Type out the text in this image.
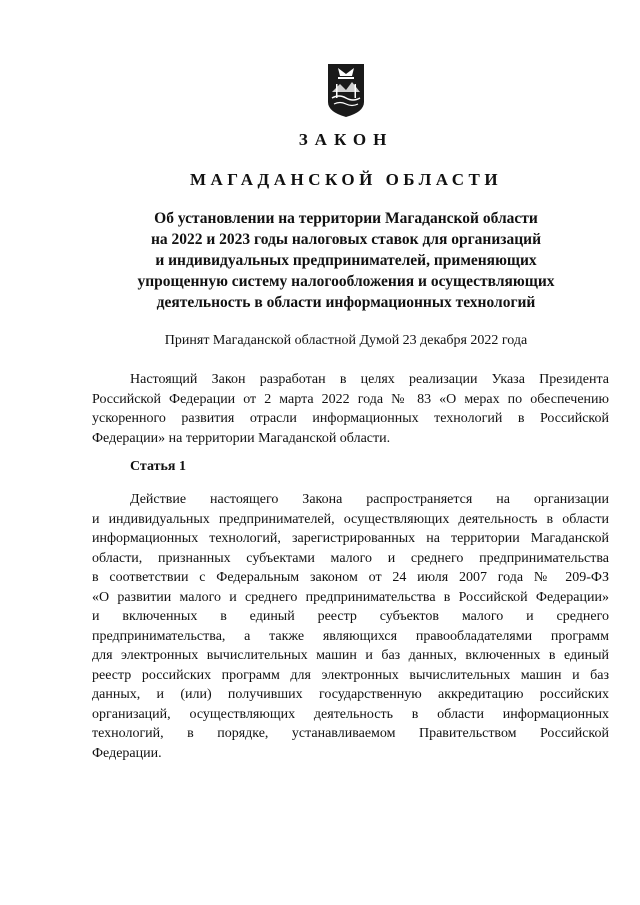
ЗАКОН
МАГАДАНСКОЙ ОБЛАСТИ

Об установлении на территории Магаданской области
на 2022 и 2023 годы налоговых ставок для организаций
и индивидуальных предпринимателей, применяющих
упрощенную систему налогообложения и осуществляющих
деятельность в области информационных технологий

Принят Магаданской областной Думой 23 декабря 2022 года

Настоящий Закон разработан в целях реализации Указа Президента
Российской Федерации от 2 марта 2022 года № 83 «О мерах по обеспечению
ускоренного развития отрасли информационных технологий в Российской
Федерации» на территории Магаданской области.

Статья 1

Действие настоящего Закона распространяется на организации
и индивидуальных предпринимателей, осуществляющих деятельность в области
информационных технологий, зарегистрированных на территории Магаданской
области, признанных субъектами малого и среднего предпринимательства
в соответствии с Федеральным законом от 24 июля 2007 года № 209-ФЗ
«О развитии малого и среднего предпринимательства в Российской Федерации»
и включенных в единый реестр субъектов малого и среднего
предпринимательства, а также являющихся правообладателями программ
для электронных вычислительных машин и баз данных, включенных в единый
реестр российских программ для электронных вычислительных машин и баз
данных, и (или) получивших государственную аккредитацию российских
организаций, осуществляющих деятельность в области информационных
технологий, в порядке, устанавливаемом Правительством Российской
Федерации.
